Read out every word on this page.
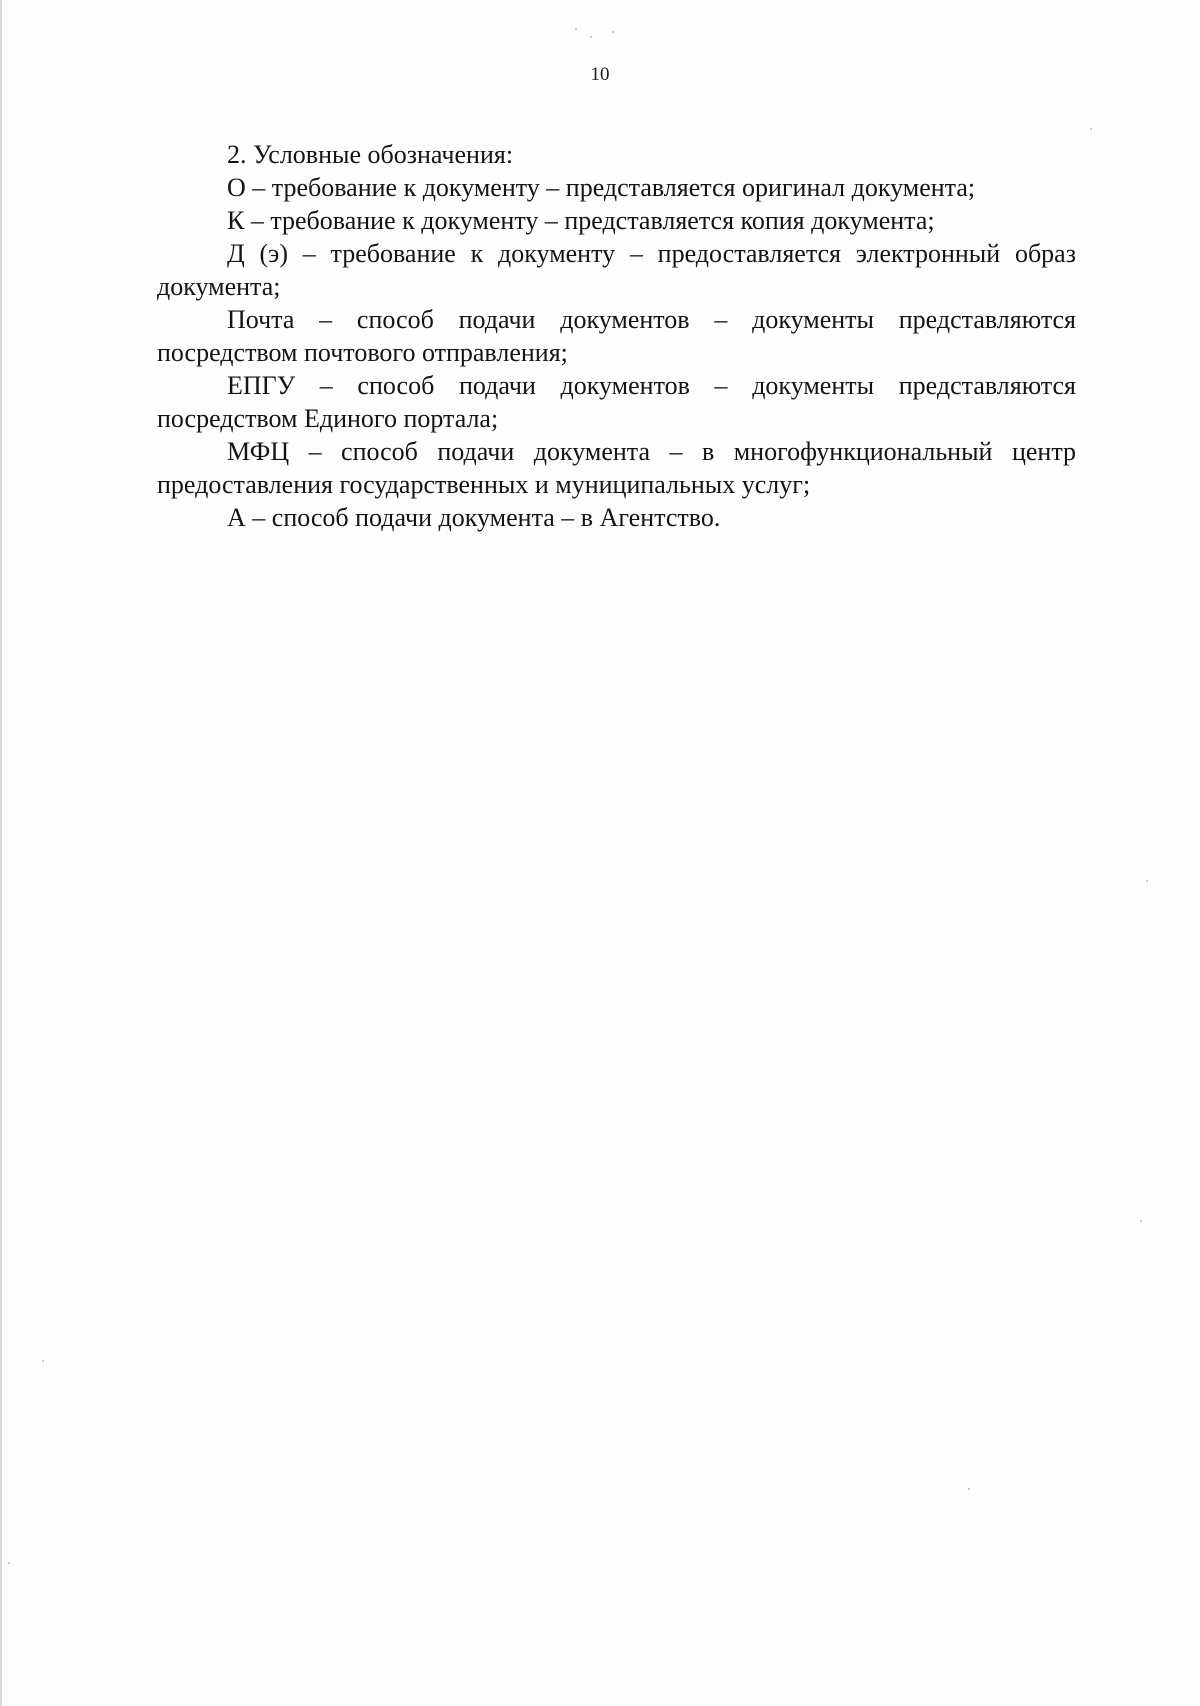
10

2. Условные обозначения:

О – требование к документу – представляется оригинал документа;

К – требование к документу – представляется копия документа;

Д (э) – требование к документу – предоставляется электронный образ документа;

Почта – способ подачи документов – документы представляются посредством почтового отправления;

ЕПГУ – способ подачи документов – документы представляются посредством Единого портала;

МФЦ – способ подачи документа – в многофункциональный центр предоставления государственных и муниципальных услуг;

А – способ подачи документа – в Агентство.
